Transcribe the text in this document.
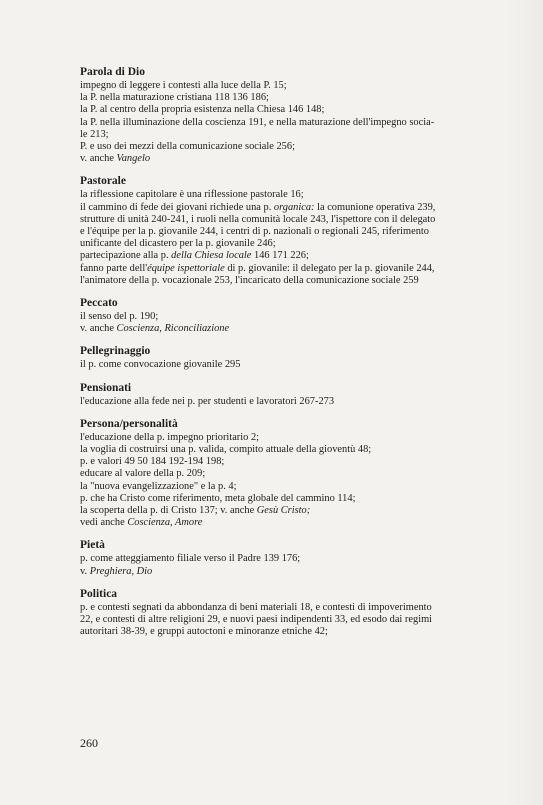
Parola di Dio
impegno di leggere i contesti alla luce della P. 15;
la P. nella maturazione cristiana 118 136 186;
la P. al centro della propria esistenza nella Chiesa 146 148;
la P. nella illuminazione della coscienza 191, e nella maturazione dell'impegno socia-
le 213;
P. e uso dei mezzi della comunicazione sociale 256;
v. anche Vangelo
Pastorale
la riflessione capitolare è una riflessione pastorale 16;
il cammino di fede dei giovani richiede una p. organica: la comunione operativa 239,
strutture di unità 240-241, i ruoli nella comunità locale 243, l'ispettore con il delegato
e l'équipe per la p. giovanile 244, i centri di p. nazionali o regionali 245, riferimento
unificante del dicastero per la p. giovanile 246;
partecipazione alla p. della Chiesa locale 146 171 226;
fanno parte dell'équipe ispettoriale di p. giovanile: il delegato per la p. giovanile 244,
l'animatore della p. vocazionale 253, l'incaricato della comunicazione sociale 259
Peccato
il senso del p. 190;
v. anche Coscienza, Riconciliazione
Pellegrinaggio
il p. come convocazione giovanile 295
Pensionati
l'educazione alla fede nei p. per studenti e lavoratori 267-273
Persona/personalità
l'educazione della p. impegno prioritario 2;
la voglia di costruirsi una p. valida, compito attuale della gioventù 48;
p. e valori 49 50 184 192-194 198;
educare al valore della p. 209;
la "nuova evangelizzazione" e la p. 4;
p. che ha Cristo come riferimento, meta globale del cammino 114;
la scoperta della p. di Cristo 137; v. anche Gesù Cristo;
vedi anche Coscienza, Amore
Pietà
p. come atteggiamento filiale verso il Padre 139 176;
v. Preghiera, Dio
Politica
p. e contesti segnati da abbondanza di beni materiali 18, e contesti di impoverimento
22, e contesti di altre religioni 29, e nuovi paesi indipendenti 33, ed esodo dai regimi
autoritari 38-39, e gruppi autoctoni e minoranze etniche 42;
260
